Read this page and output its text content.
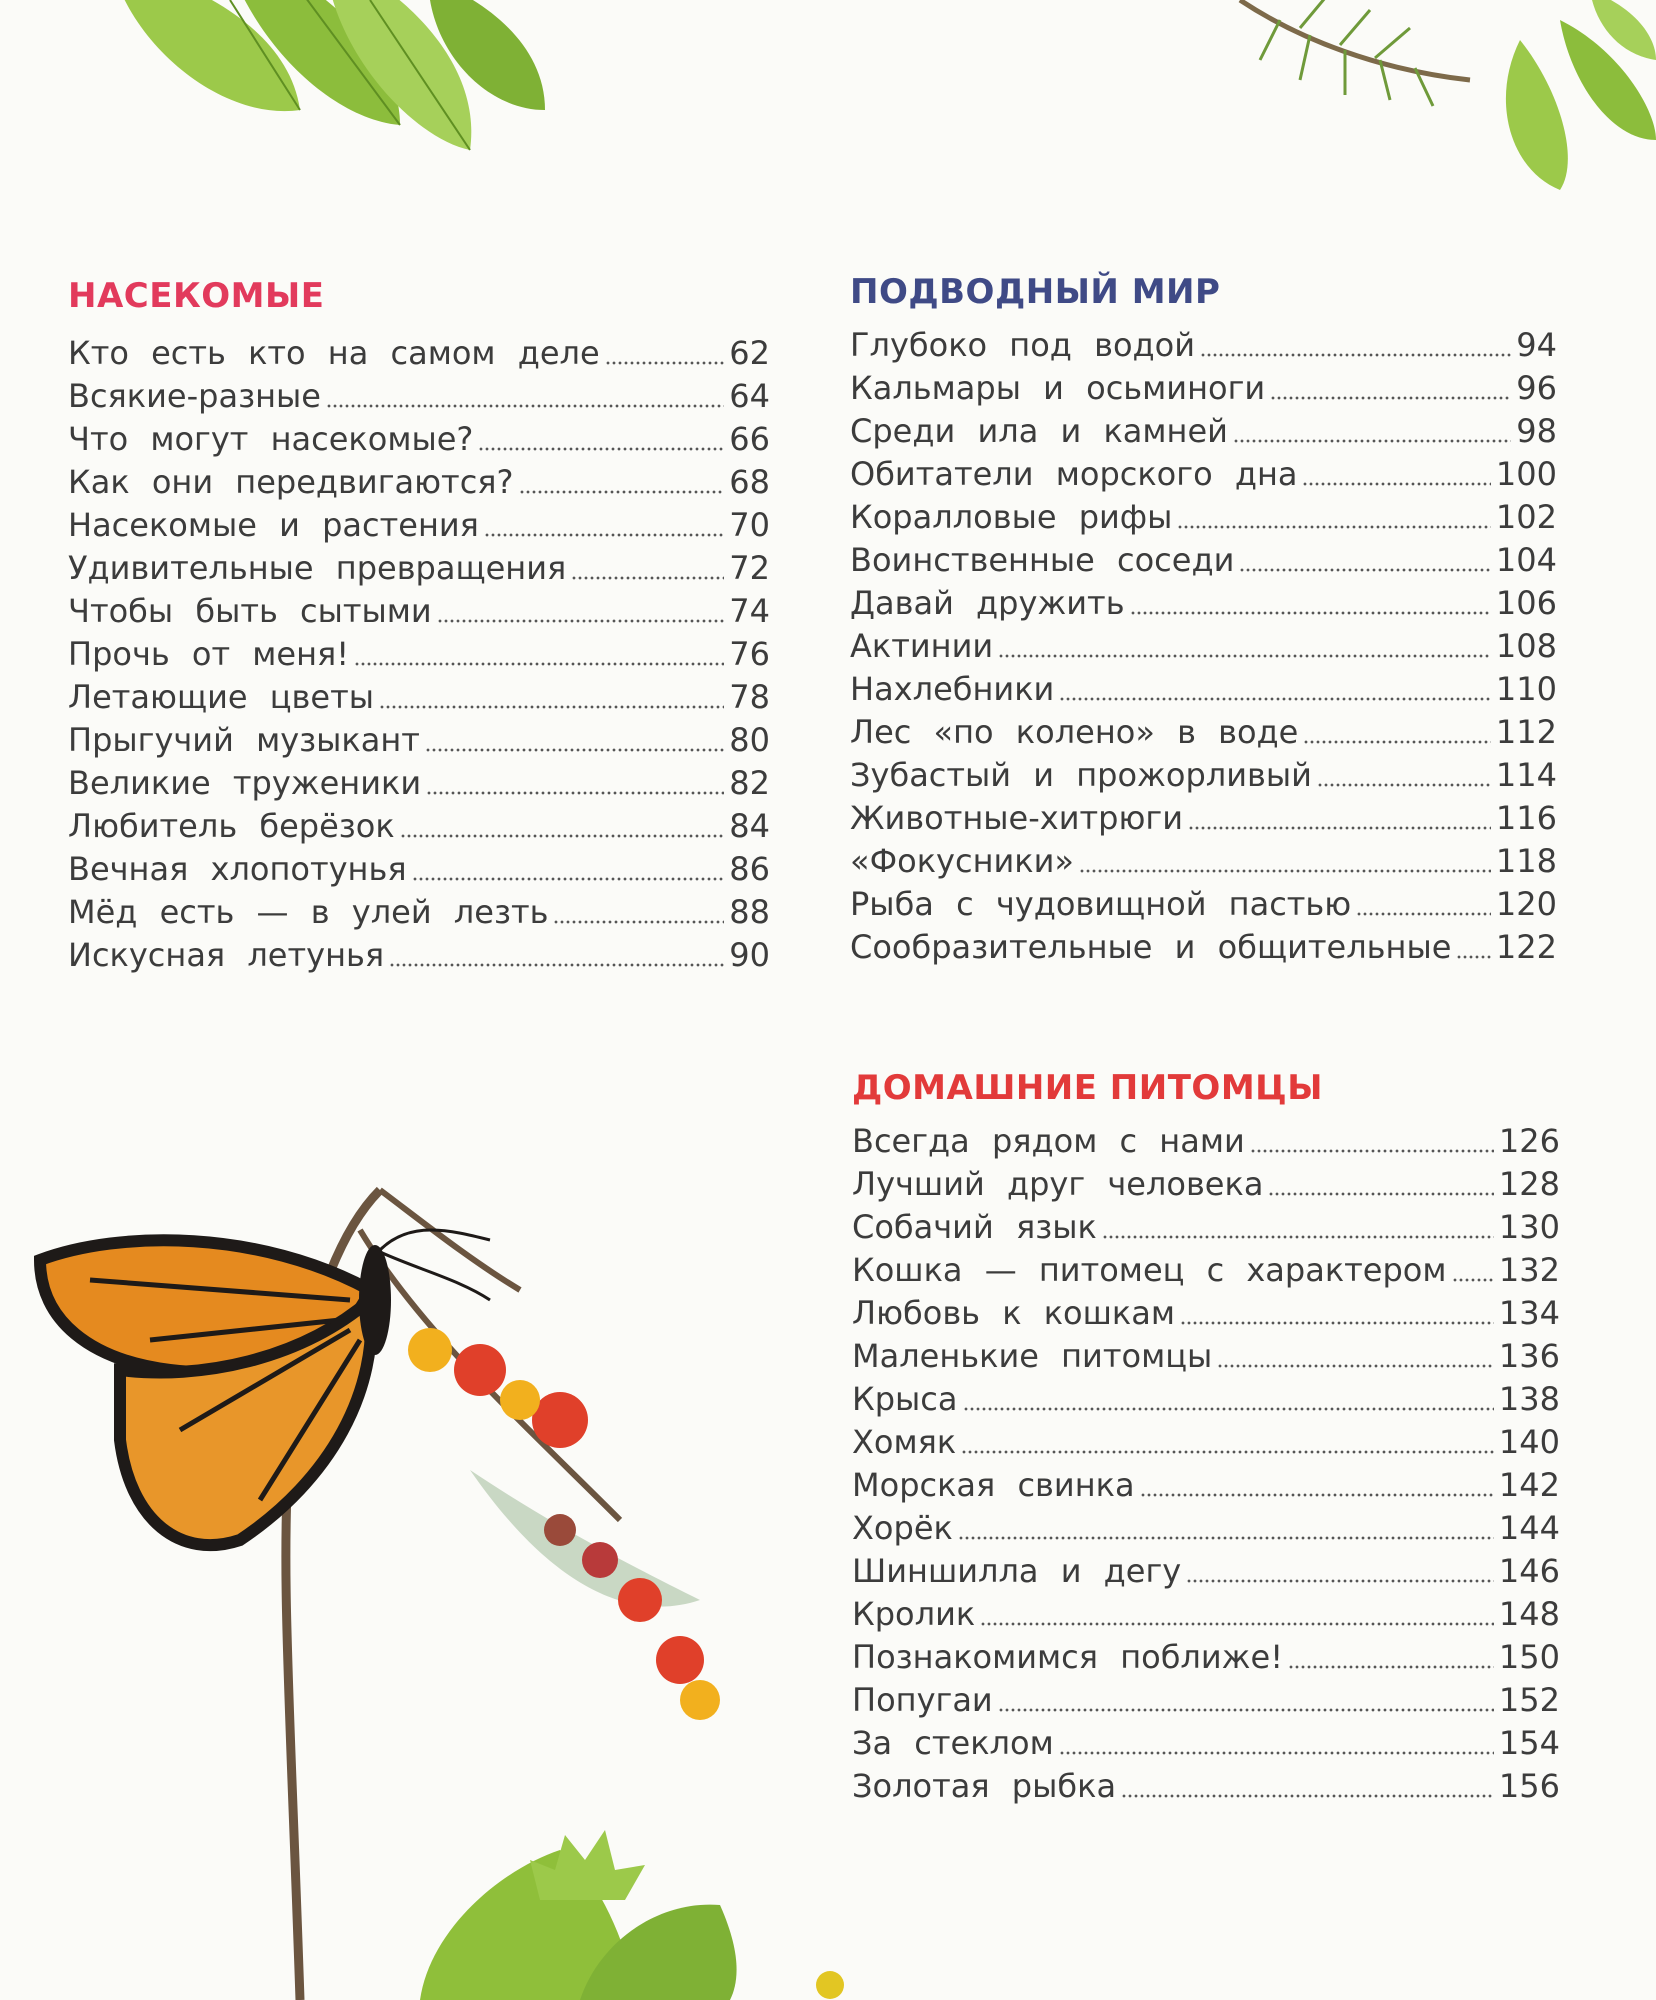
НАСЕКОМЫЕ
Кто есть кто на самом деле	62
Всякие-разные	64
Что могут насекомые?	66
Как они передвигаются?	68
Насекомые и растения	70
Удивительные превращения	72
Чтобы быть сытыми	74
Прочь от меня!	76
Летающие цветы	78
Прыгучий музыкант	80
Великие труженики	82
Любитель берёзок	84
Вечная хлопотунья	86
Мёд есть — в улей лезть	88
Искусная летунья	90
ПОДВОДНЫЙ МИР
Глубоко под водой	94
Кальмары и осьминоги	96
Среди ила и камней	98
Обитатели морского дна	100
Коралловые рифы	102
Воинственные соседи	104
Давай дружить	106
Актинии	108
Нахлебники	110
Лес «по колено» в воде	112
Зубастый и прожорливый	114
Животные-хитрюги	116
«Фокусники»	118
Рыба с чудовищной пастью	120
Сообразительные и общительные 122
ДОМАШНИЕ ПИТОМЦЫ
Всегда рядом с нами	126
Лучший друг человека	128
Собачий язык	130
Кошка — питомец с характером 132
Любовь к кошкам	134
Маленькие питомцы	136
Крыса	138
Хомяк	140
Морская свинка	142
Хорёк	144
Шиншилла и дегу	146
Кролик	148
Познакомимся поближе!	150
Попугаи	152
За стеклом	154
Золотая рыбка	156
